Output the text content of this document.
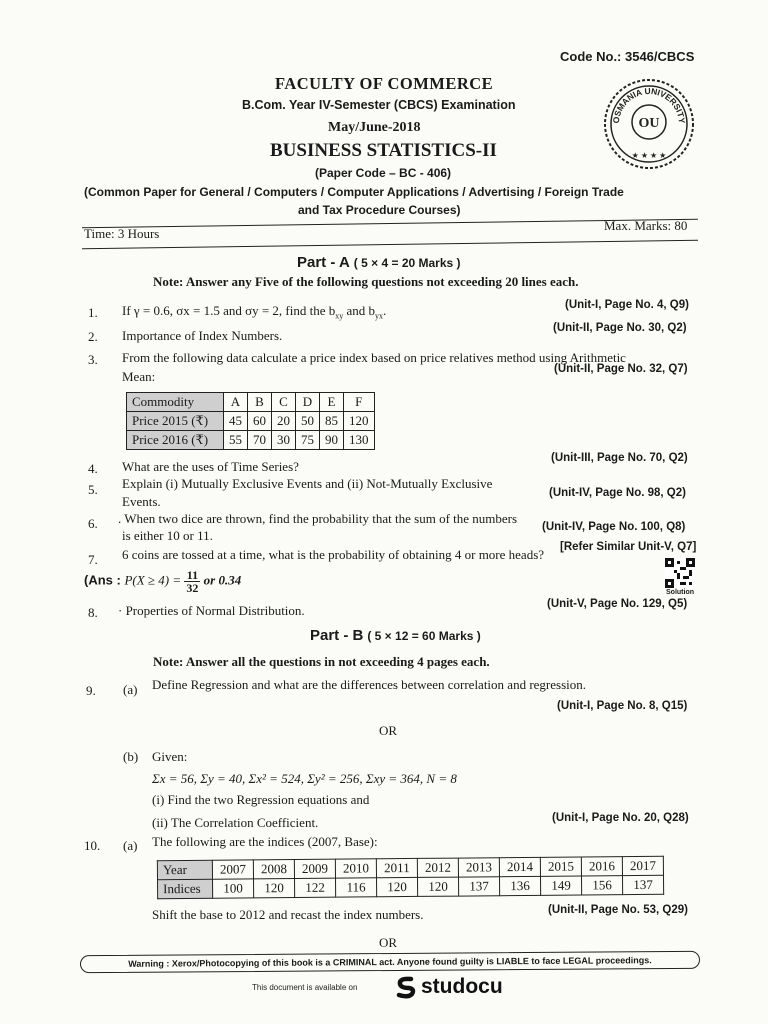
Code No.: 3546/CBCS
FACULTY OF COMMERCE
B.Com. Year IV-Semester (CBCS) Examination
May/June-2018
BUSINESS STATISTICS-II
(Paper Code – BC - 406)
(Common Paper for General / Computers / Computer Applications / Advertising / Foreign Trade
and Tax Procedure Courses)
OSMANIA UNIVERSITY
OU
★ ★ ★ ★
Time: 3 Hours
Max. Marks: 80
Part - A ( 5 × 4 = 20 Marks )
Note: Answer any Five of the following questions not exceeding 20 lines each.
1. If γ = 0.6, σx = 1.5 and σy = 2, find the $b_{xy}$ and $b_{yx}$.	(Unit-I, Page No. 4, Q9)
2. Importance of Index Numbers.	(Unit-II, Page No. 30, Q2)
3. From the following data calculate a price index based on price relatives method using Arithmetic
Mean:	(Unit-II, Page No. 32, Q7)
Commodity	A	B	C	D	E	F
Price 2015 (₹)	45	60	20	50	85	120
Price 2016 (₹)	55	70	30	75	90	130
4. What are the uses of Time Series?
(Unit-III, Page No. 70, Q2)
5. Explain (i) Mutually Exclusive Events and (ii) Not-Mutually Exclusive
Events.
(Unit-IV, Page No. 98, Q2)
6. . When two dice are thrown, find the probability that the sum of the numbers
is either 10 or 11.
(Unit-IV, Page No. 100, Q8)
7. 6 coins are tossed at a time, what is the probability of obtaining 4 or more heads? [Refer Similar Unit-V, Q7]
(Ans : $P(X \ge 4) = \frac{11}{32}$ or 0.34
Solution
8. · Properties of Normal Distribution.	(Unit-V, Page No. 129, Q5)
Part - B ( 5 × 12 = 60 Marks )
Note: Answer all the questions in not exceeding 4 pages each.
9. (a) Define Regression and what are the differences between correlation and regression.
(Unit-I, Page No. 8, Q15)
OR
(b) Given:
Σx = 56, Σy = 40, Σx² = 524, Σy² = 256, Σxy = 364, N = 8
(i) Find the two Regression equations and
(ii) The Correlation Coefficient.	(Unit-I, Page No. 20, Q28)
10. (a) The following are the indices (2007, Base):
Year	2007	2008	2009	2010	2011	2012	2013	2014	2015	2016	2017
Indices	100	120	122	116	120	120	137	136	149	156	137
Shift the base to 2012 and recast the index numbers.	(Unit-II, Page No. 53, Q29)
OR
Warning : Xerox/Photocopying of this book is a CRIMINAL act. Anyone found guilty is LIABLE to face LEGAL proceedings.
This document is available on	studocu
